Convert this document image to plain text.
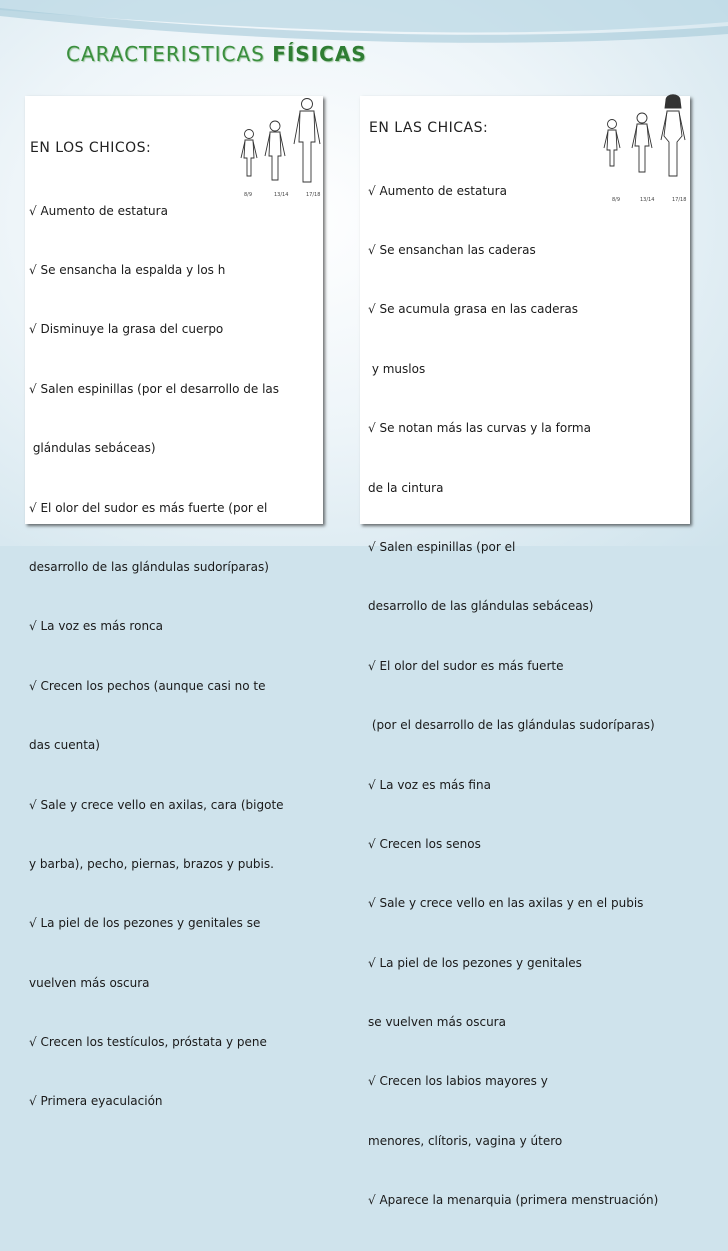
CARACTERISTICAS FÍSICAS
EN LOS CHICOS:
8/9	13/14	17/18

√ Aumento de estatura

√ Se ensancha la espalda y los h

√ Disminuye la grasa del cuerpo

√ Salen espinillas (por el desarrollo de las

glándulas sebáceas)

√ El olor del sudor es más fuerte (por el

desarrollo de las glándulas sudoríparas)

√ La voz es más ronca

√ Crecen los pechos (aunque casi no te

das cuenta)

√ Sale y crece vello en axilas, cara (bigote

y barba), pecho, piernas, brazos y pubis.

√ La piel de los pezones y genitales se

vuelven más oscura

√ Crecen los testículos, próstata y pene

√ Primera eyaculación

EN LAS CHICAS:
8/9	13/14	17/18

√ Aumento de estatura

√ Se ensanchan las caderas

√ Se acumula grasa en las caderas

y muslos

√ Se notan más las curvas y la forma

de la cintura

√ Salen espinillas (por el

desarrollo de las glándulas sebáceas)

√ El olor del sudor es más fuerte

(por el desarrollo de las glándulas sudoríparas)

√ La voz es más fina

√ Crecen los senos

√ Sale y crece vello en las axilas y en el pubis

√ La piel de los pezones y genitales

se vuelven más oscura

√ Crecen los labios mayores y

menores, clítoris, vagina y útero

√ Aparece la menarquia (primera menstruación)
